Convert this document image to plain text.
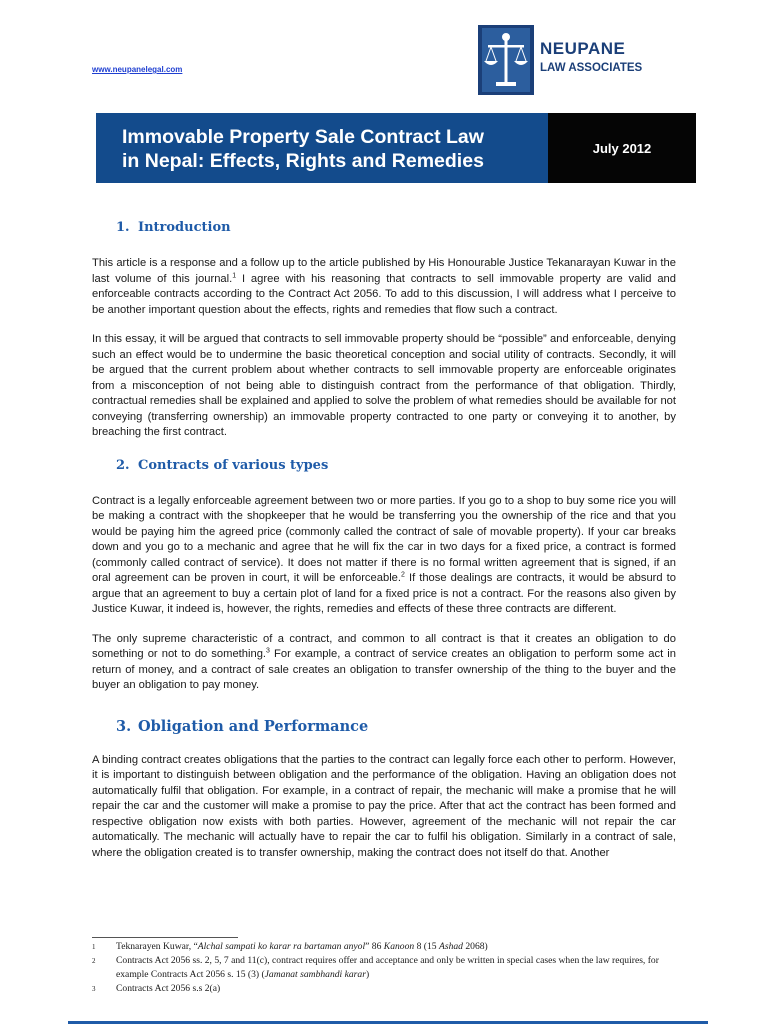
www.neupanelegal.com
NEUPANE
LAW ASSOCIATES
Immovable Property Sale Contract Law
in Nepal: Effects, Rights and Remedies
July 2012
1. Introduction

This article is a response and a follow up to the article published by His Honourable Justice Tekanarayan Kuwar in the last volume of this journal.$^1$ I agree with his reasoning that contracts to sell immovable property are valid and enforceable contracts according to the Contract Act 2056. To add to this discussion, I will address what I perceive to be another important question about the effects, rights and remedies that flow such a contract.

In this essay, it will be argued that contracts to sell immovable property should be “possible” and enforceable, denying such an effect would be to undermine the basic theoretical conception and social utility of contracts. Secondly, it will be argued that the current problem about whether contracts to sell immovable property are enforceable originates from a misconception of not being able to distinguish contract from the performance of that obligation. Thirdly, contractual remedies shall be explained and applied to solve the problem of what remedies should be available for not conveying (transferring ownership) an immovable property contracted to one party or conveying it to another, by breaching the first contract.

2. Contracts of various types

Contract is a legally enforceable agreement between two or more parties. If you go to a shop to buy some rice you will be making a contract with the shopkeeper that he would be transferring you the ownership of the rice and that you would be paying him the agreed price (commonly called the contract of sale of movable property). If your car breaks down and you go to a mechanic and agree that he will fix the car in two days for a fixed price, a contract is formed (commonly called contract of service). It does not matter if there is no formal written agreement that is signed, if an oral agreement can be proven in court, it will be enforceable.$^2$ If those dealings are contracts, it would be absurd to argue that an agreement to buy a certain plot of land for a fixed price is not a contract. For the reasons also given by Justice Kuwar, it indeed is, however, the rights, remedies and effects of these three contracts are different.

The only supreme characteristic of a contract, and common to all contract is that it creates an obligation to do something or not to do something.$^3$ For example, a contract of service creates an obligation to perform some act in return of money, and a contract of sale creates an obligation to transfer ownership of the thing to the buyer and the buyer an obligation to pay money.

3. Obligation and Performance

A binding contract creates obligations that the parties to the contract can legally force each other to perform. However, it is important to distinguish between obligation and the performance of the obligation. Having an obligation does not automatically fulfil that obligation. For example, in a contract of repair, the mechanic will make a promise that he will repair the car and the customer will make a promise to pay the price. After that act the contract has been formed and respective obligation now exists with both parties. However, agreement of the mechanic will not repair the car automatically. The mechanic will actually have to repair the car to fulfil his obligation. Similarly in a contract of sale, where the obligation created is to transfer ownership, making the contract does not itself do that. Another

1	Teknarayen Kuwar, “Alchal sampati ko karar ra bartaman anyol” 86 Kanoon 8 (15 Ashad 2068)
2	Contracts Act 2056 ss. 2, 5, 7 and 11(c), contract requires offer and acceptance and only be written in special cases when the law requires, for example Contracts Act 2056 s. 15 (3) (Jamanat sambhandi karar)
3	Contracts Act 2056 s.s 2(a)
